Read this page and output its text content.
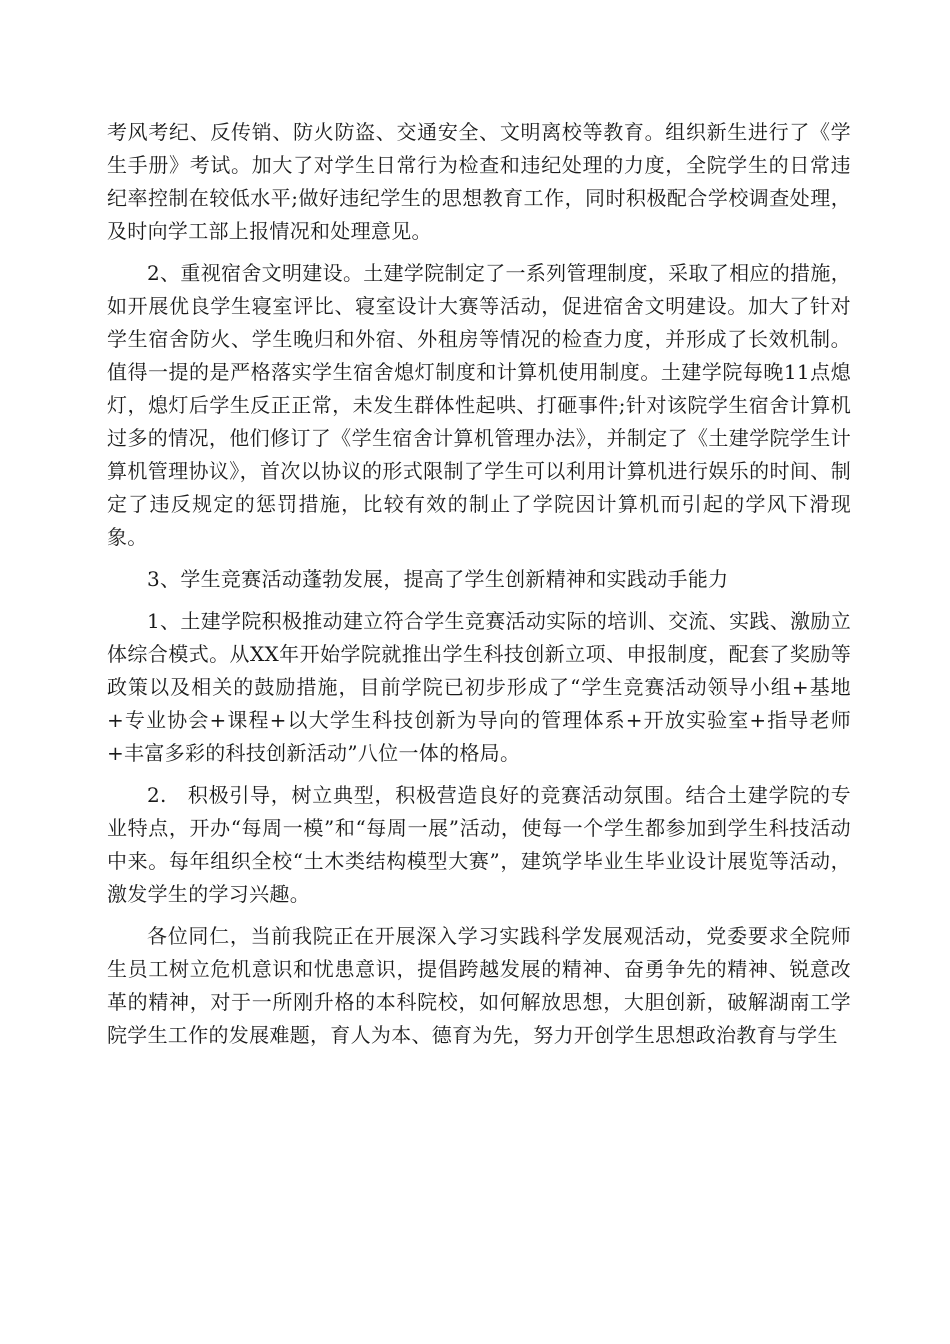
考风考纪、反传销、防火防盗、交通安全、文明离校等教育。组织新生进行了《学生手册》考试。加大了对学生日常行为检查和违纪处理的力度，全院学生的日常违纪率控制在较低水平;做好违纪学生的思想教育工作，同时积极配合学校调查处理，及时向学工部上报情况和处理意见。

2、重视宿舍文明建设。土建学院制定了一系列管理制度，采取了相应的措施，如开展优良学生寝室评比、寝室设计大赛等活动，促进宿舍文明建设。加大了针对学生宿舍防火、学生晚归和外宿、外租房等情况的检查力度，并形成了长效机制。值得一提的是严格落实学生宿舍熄灯制度和计算机使用制度。土建学院每晚11点熄灯，熄灯后学生反正正常，未发生群体性起哄、打砸事件;针对该院学生宿舍计算机过多的情况，他们修订了《学生宿舍计算机管理办法》，并制定了《土建学院学生计算机管理协议》，首次以协议的形式限制了学生可以利用计算机进行娱乐的时间、制定了违反规定的惩罚措施，比较有效的制止了学院因计算机而引起的学风下滑现象。

3、学生竞赛活动蓬勃发展，提高了学生创新精神和实践动手能力

1、土建学院积极推动建立符合学生竞赛活动实际的培训、交流、实践、激励立体综合模式。从XX年开始学院就推出学生科技创新立项、申报制度，配套了奖励等政策以及相关的鼓励措施，目前学院已初步形成了“学生竞赛活动领导小组+基地+专业协会+课程+以大学生科技创新为导向的管理体系+开放实验室+指导老师+丰富多彩的科技创新活动”八位一体的格局。

2.　积极引导，树立典型，积极营造良好的竞赛活动氛围。结合土建学院的专业特点，开办“每周一模”和“每周一展”活动，使每一个学生都参加到学生科技活动中来。每年组织全校“土木类结构模型大赛”，建筑学毕业生毕业设计展览等活动，激发学生的学习兴趣。

各位同仁，当前我院正在开展深入学习实践科学发展观活动，党委要求全院师生员工树立危机意识和忧患意识，提倡跨越发展的精神、奋勇争先的精神、锐意改革的精神，对于一所刚升格的本科院校，如何解放思想，大胆创新，破解湖南工学院学生工作的发展难题，育人为本、德育为先，努力开创学生思想政治教育与学生
